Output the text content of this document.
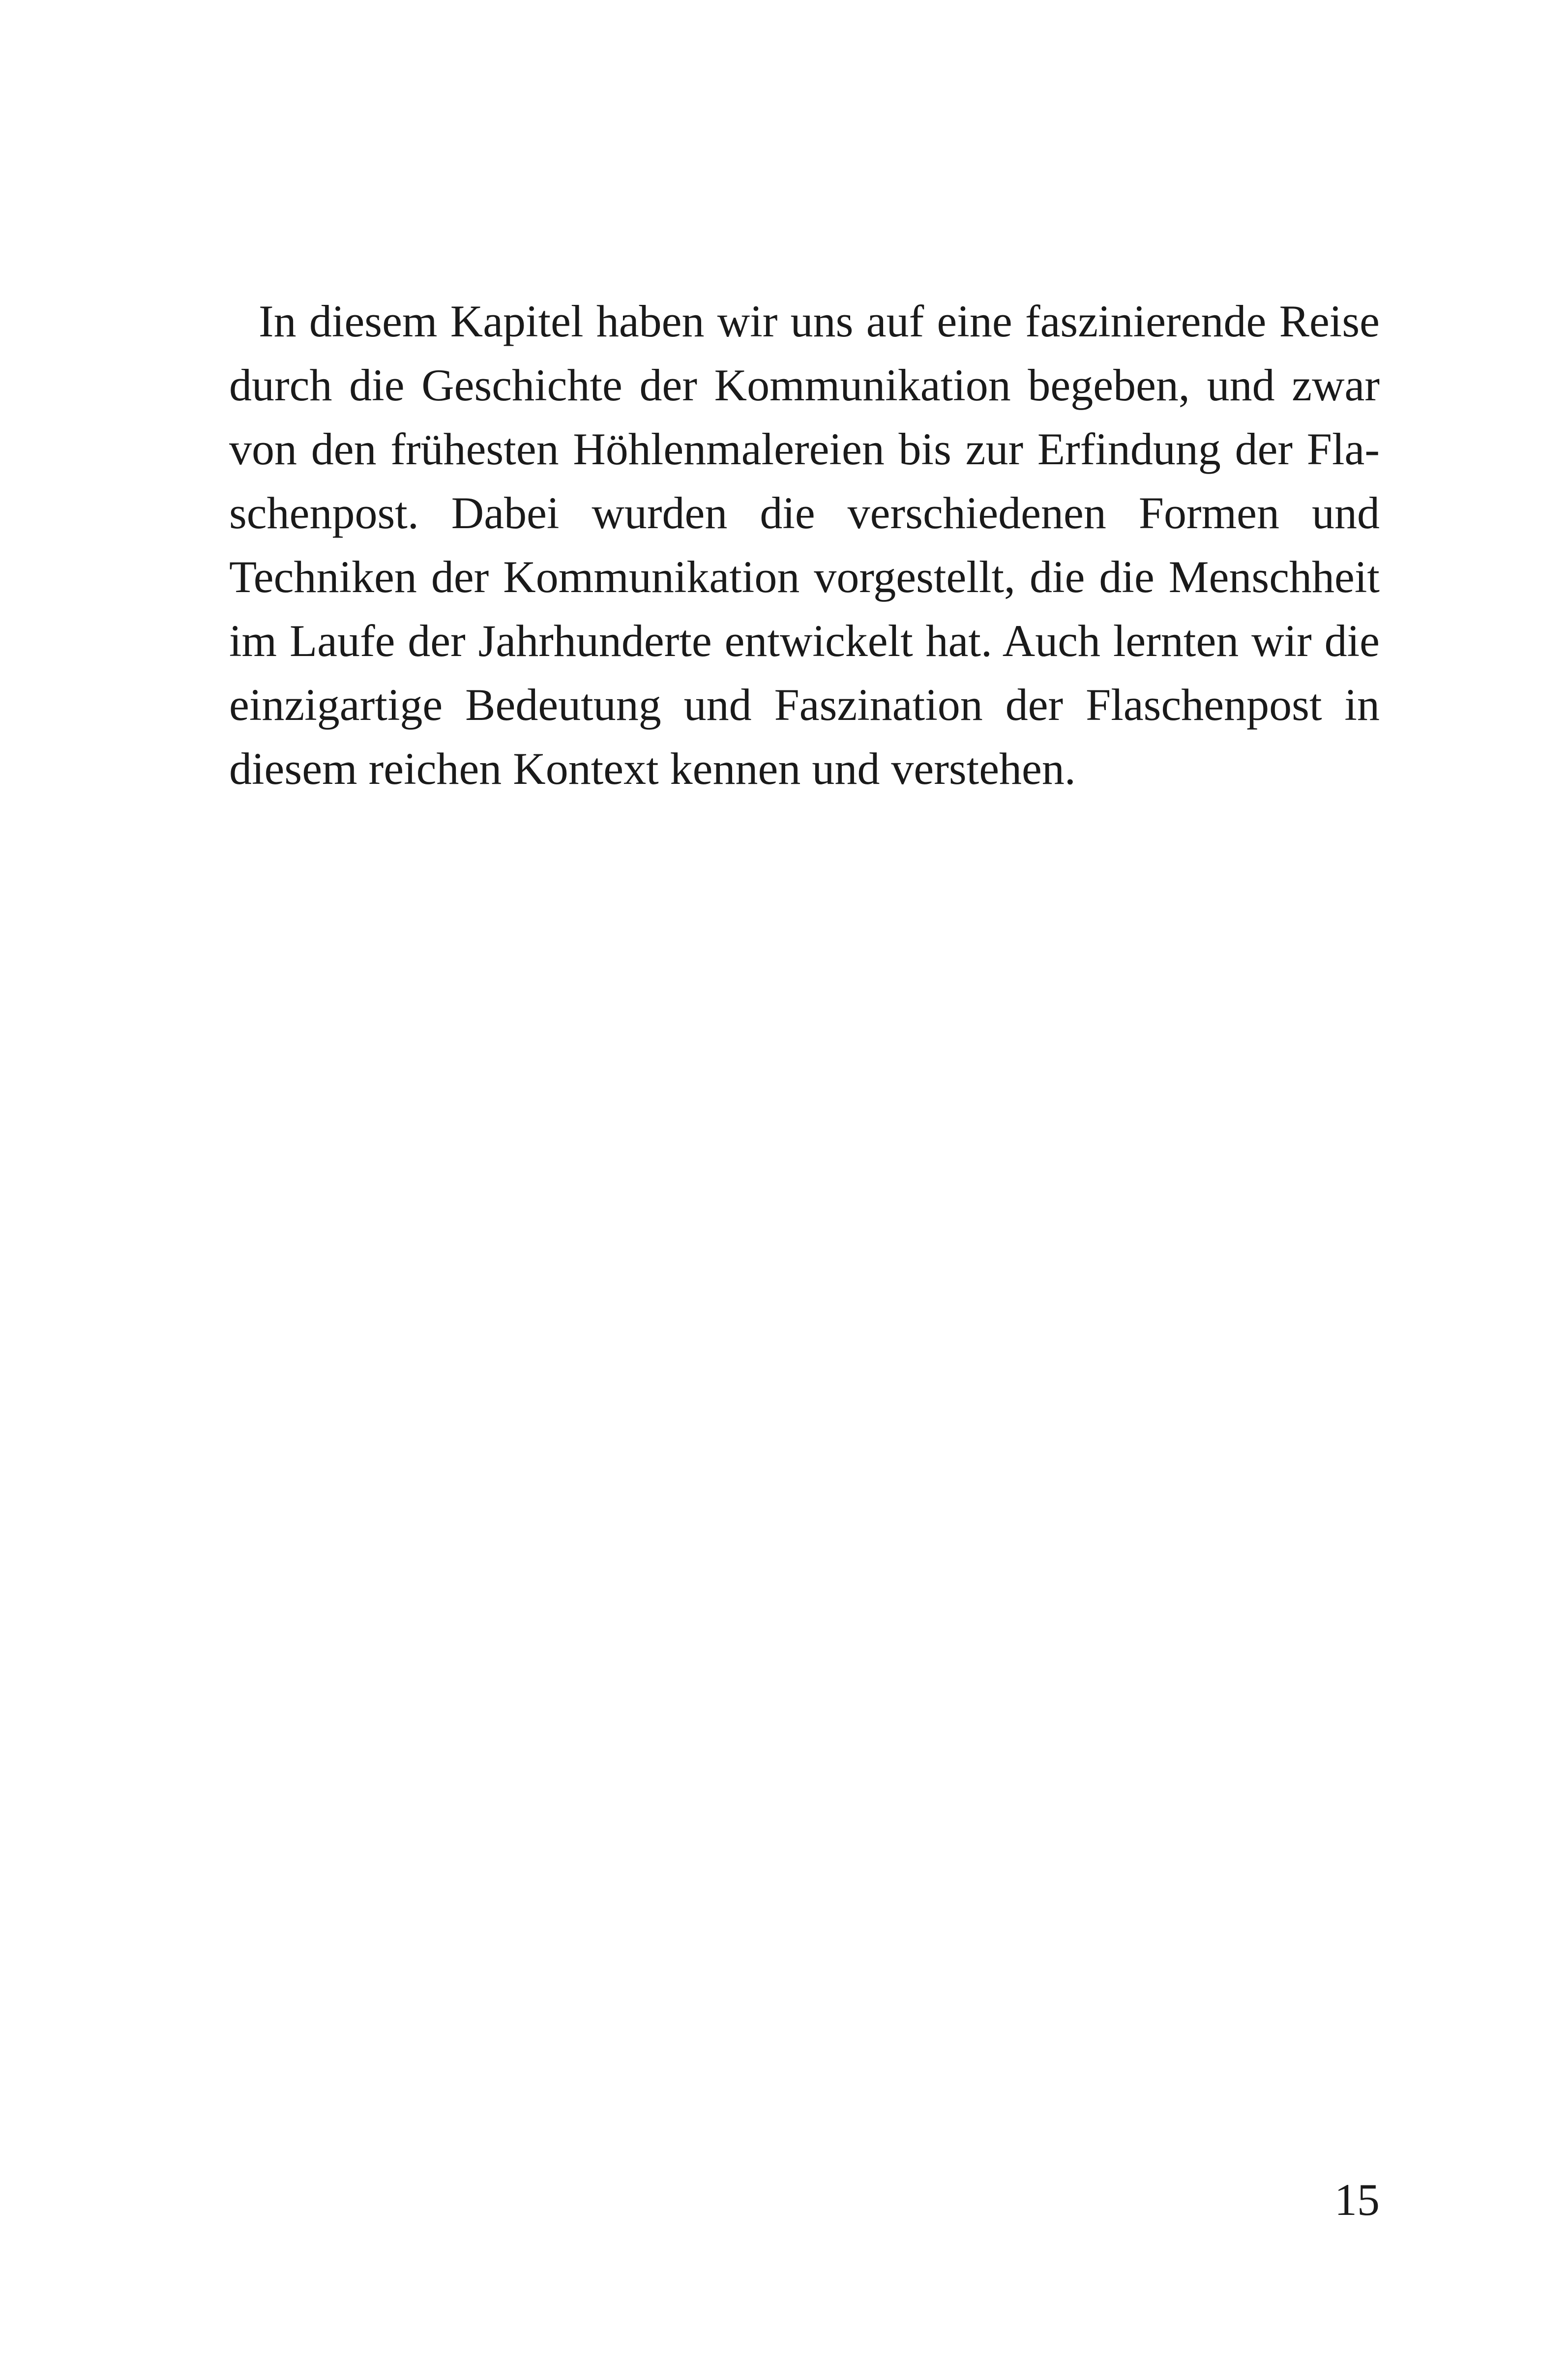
In diesem Kapitel haben wir uns auf eine faszinierende Reise
durch die Geschichte der Kommunikation begeben, und zwar
von den frühesten Höhlenmalereien bis zur Erfindung der Fla-
schenpost. Dabei wurden die verschiedenen Formen und
Techniken der Kommunikation vorgestellt, die die Menschheit
im Laufe der Jahrhunderte entwickelt hat. Auch lernten wir die
einzigartige Bedeutung und Faszination der Flaschenpost in
diesem reichen Kontext kennen und verstehen.
15
